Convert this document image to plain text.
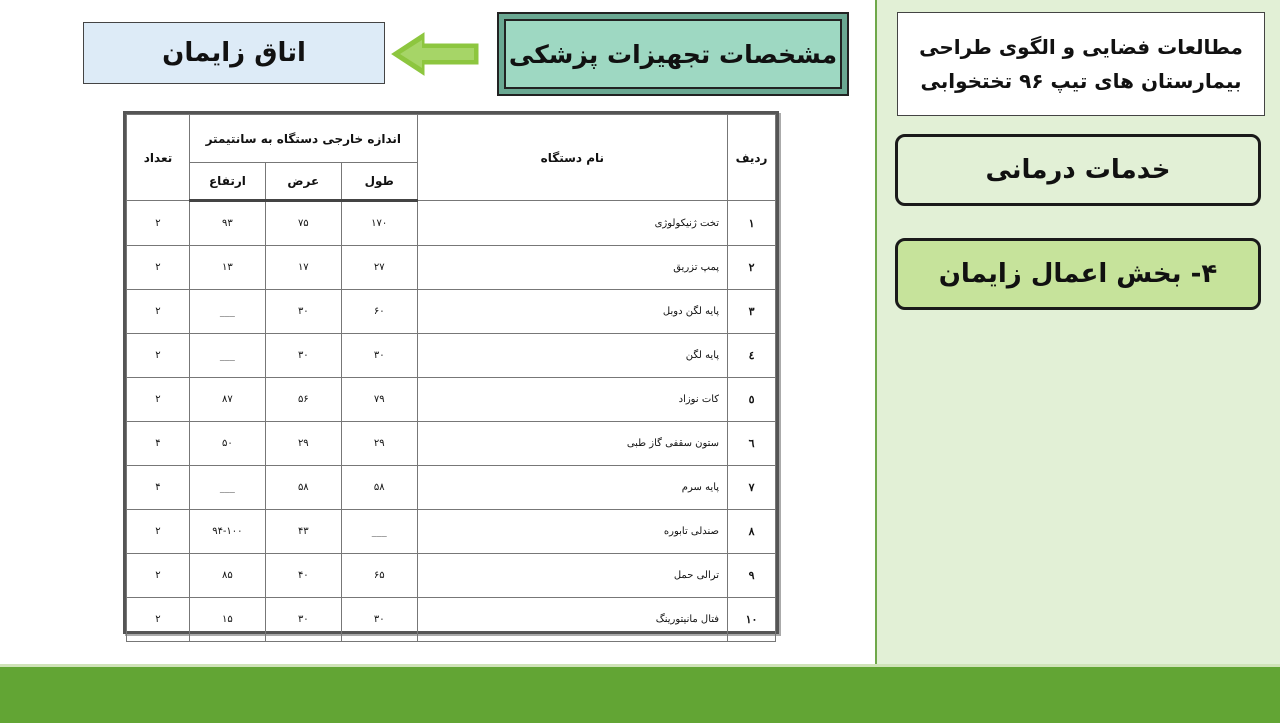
مطالعات فضایی و الگوی طراحی
بیمارستان های تیپ ۹۶ تختخوابی
خدمات درمانی
۴- بخش اعمال زایمان
مشخصات تجهیزات پزشکی
اتاق زایمان
ردیف	نام دستگاه	اندازه خارجی دستگاه به سانتیمتر			تعداد
		طول	عرض	ارتفاع	
۱	تخت ژنیکولوژی	۱۷۰	۷۵	۹۳	۲
۲	پمپ تزریق	۲۷	۱۷	۱۳	۲
۳	پایه لگن دوبل	۶۰	۳۰	___	۲
٤	پایه لگن	۳۰	۳۰	___	۲
٥	کات نوزاد	۷۹	۵۶	۸۷	۲
٦	ستون سقفی گاز طبی	۲۹	۲۹	۵۰	۴
۷	پایه سرم	۵۸	۵۸	___	۴
۸	صندلی تابوره	___	۴۳	۹۴-۱۰۰	۲
۹	ترالی حمل	۶۵	۴۰	۸۵	۲
۱۰	فتال مانیتورینگ	۳۰	۳۰	۱۵	۲
